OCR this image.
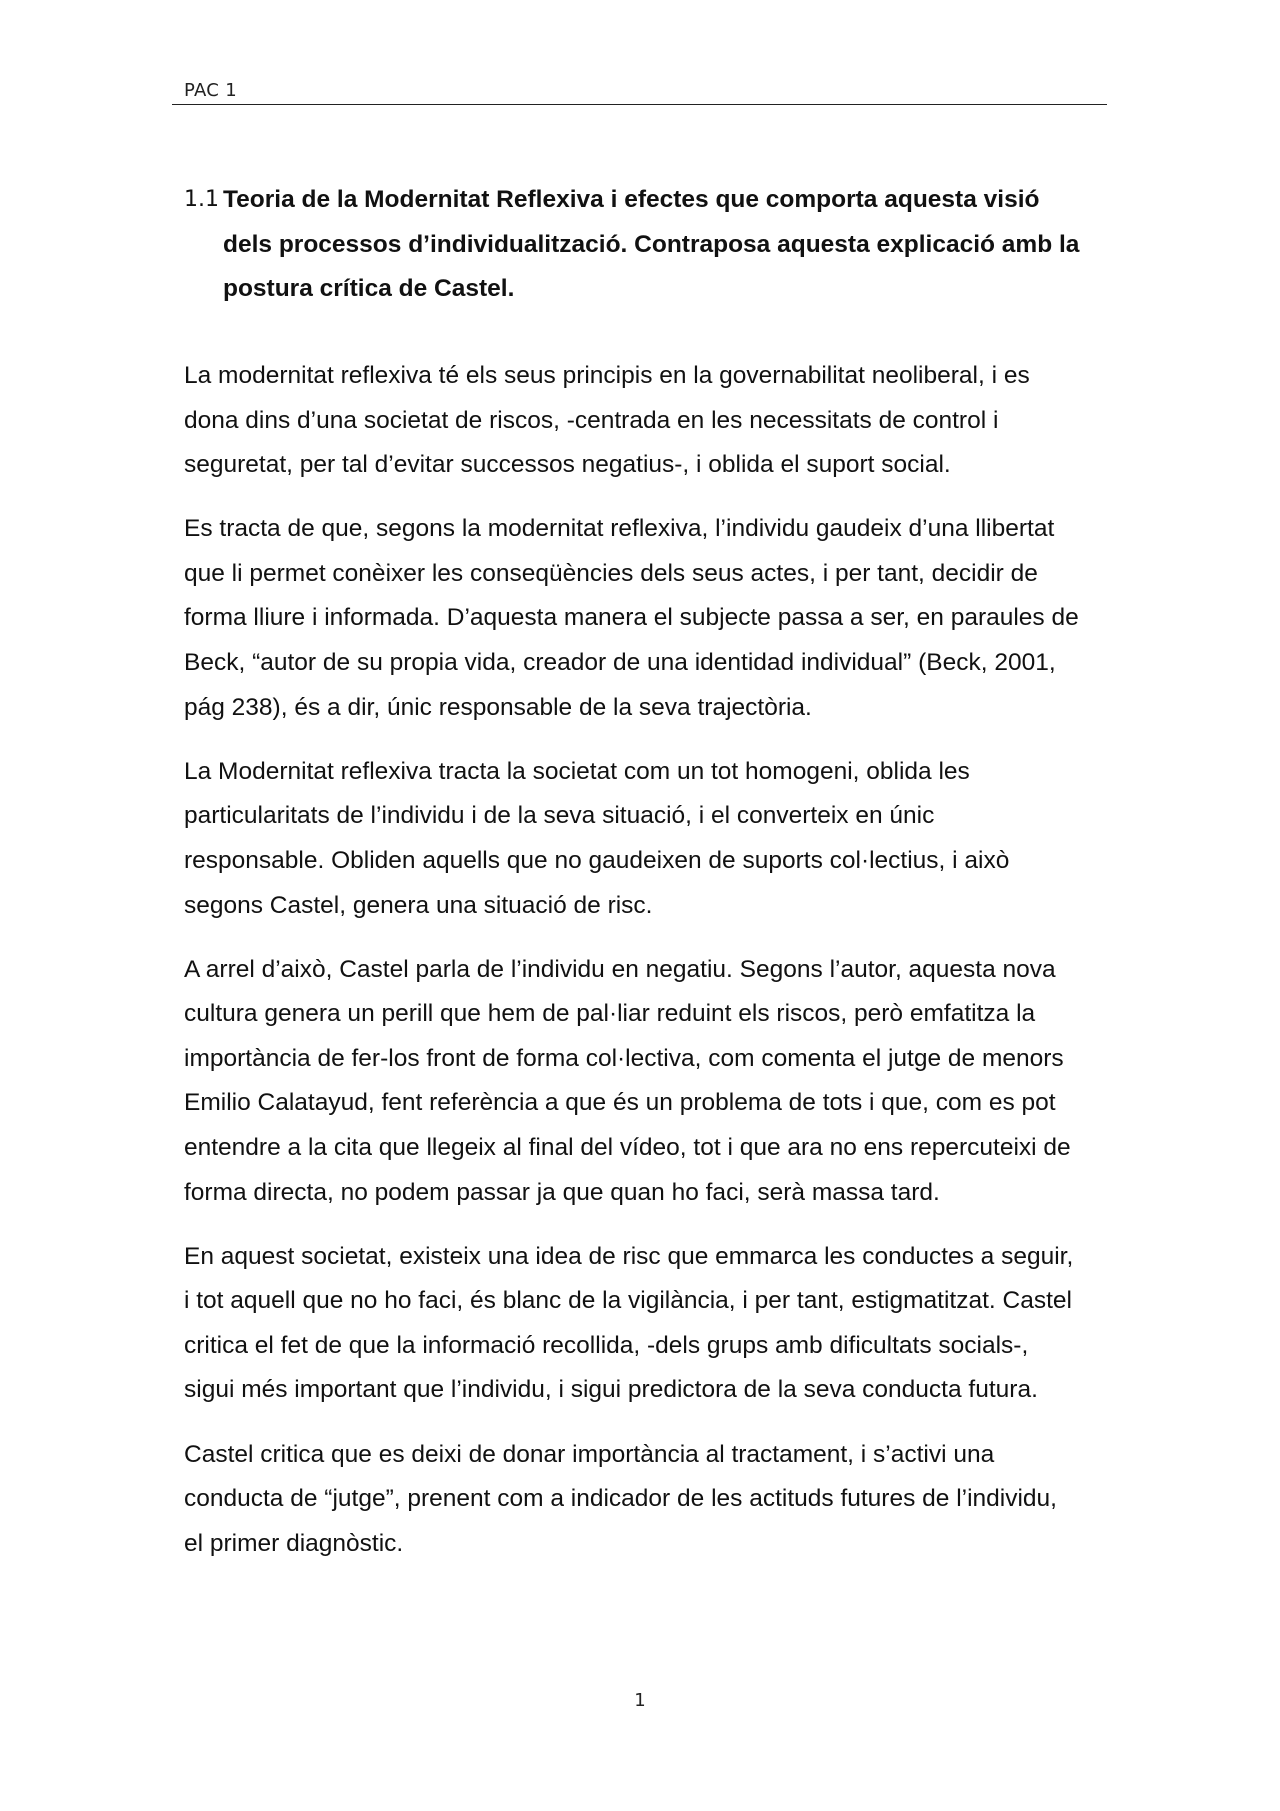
PAC 1
1.1 Teoria de la Modernitat Reflexiva i efectes que comporta aquesta visió
dels processos d’individualització. Contraposa aquesta explicació amb la
postura crítica de Castel.

La modernitat reflexiva té els seus principis en la governabilitat neoliberal, i es
dona dins d’una societat de riscos, -centrada en les necessitats de control i
seguretat, per tal d’evitar successos negatius-, i oblida el suport social.

Es tracta de que, segons la modernitat reflexiva, l’individu gaudeix d’una llibertat
que li permet conèixer les conseqüències dels seus actes, i per tant, decidir de
forma lliure i informada. D’aquesta manera el subjecte passa a ser, en paraules de
Beck, “autor de su propia vida, creador de una identidad individual” (Beck, 2001,
pág 238), és a dir, únic responsable de la seva trajectòria.

La Modernitat reflexiva tracta la societat com un tot homogeni, oblida les
particularitats de l’individu i de la seva situació, i el converteix en únic
responsable. Obliden aquells que no gaudeixen de suports col·lectius, i això
segons Castel, genera una situació de risc.

A arrel d’això, Castel parla de l’individu en negatiu. Segons l’autor, aquesta nova
cultura genera un perill que hem de pal·liar reduint els riscos, però emfatitza la
importància de fer-los front de forma col·lectiva, com comenta el jutge de menors
Emilio Calatayud, fent referència a que és un problema de tots i que, com es pot
entendre a la cita que llegeix al final del vídeo, tot i que ara no ens repercuteixi de
forma directa, no podem passar ja que quan ho faci, serà massa tard.

En aquest societat, existeix una idea de risc que emmarca les conductes a seguir,
i tot aquell que no ho faci, és blanc de la vigilància, i per tant, estigmatitzat. Castel
critica el fet de que la informació recollida, -dels grups amb dificultats socials-,
sigui més important que l’individu, i sigui predictora de la seva conducta futura.

Castel critica que es deixi de donar importància al tractament, i s’activi una
conducta de “jutge”, prenent com a indicador de les actituds futures de l’individu,
el primer diagnòstic.

1
